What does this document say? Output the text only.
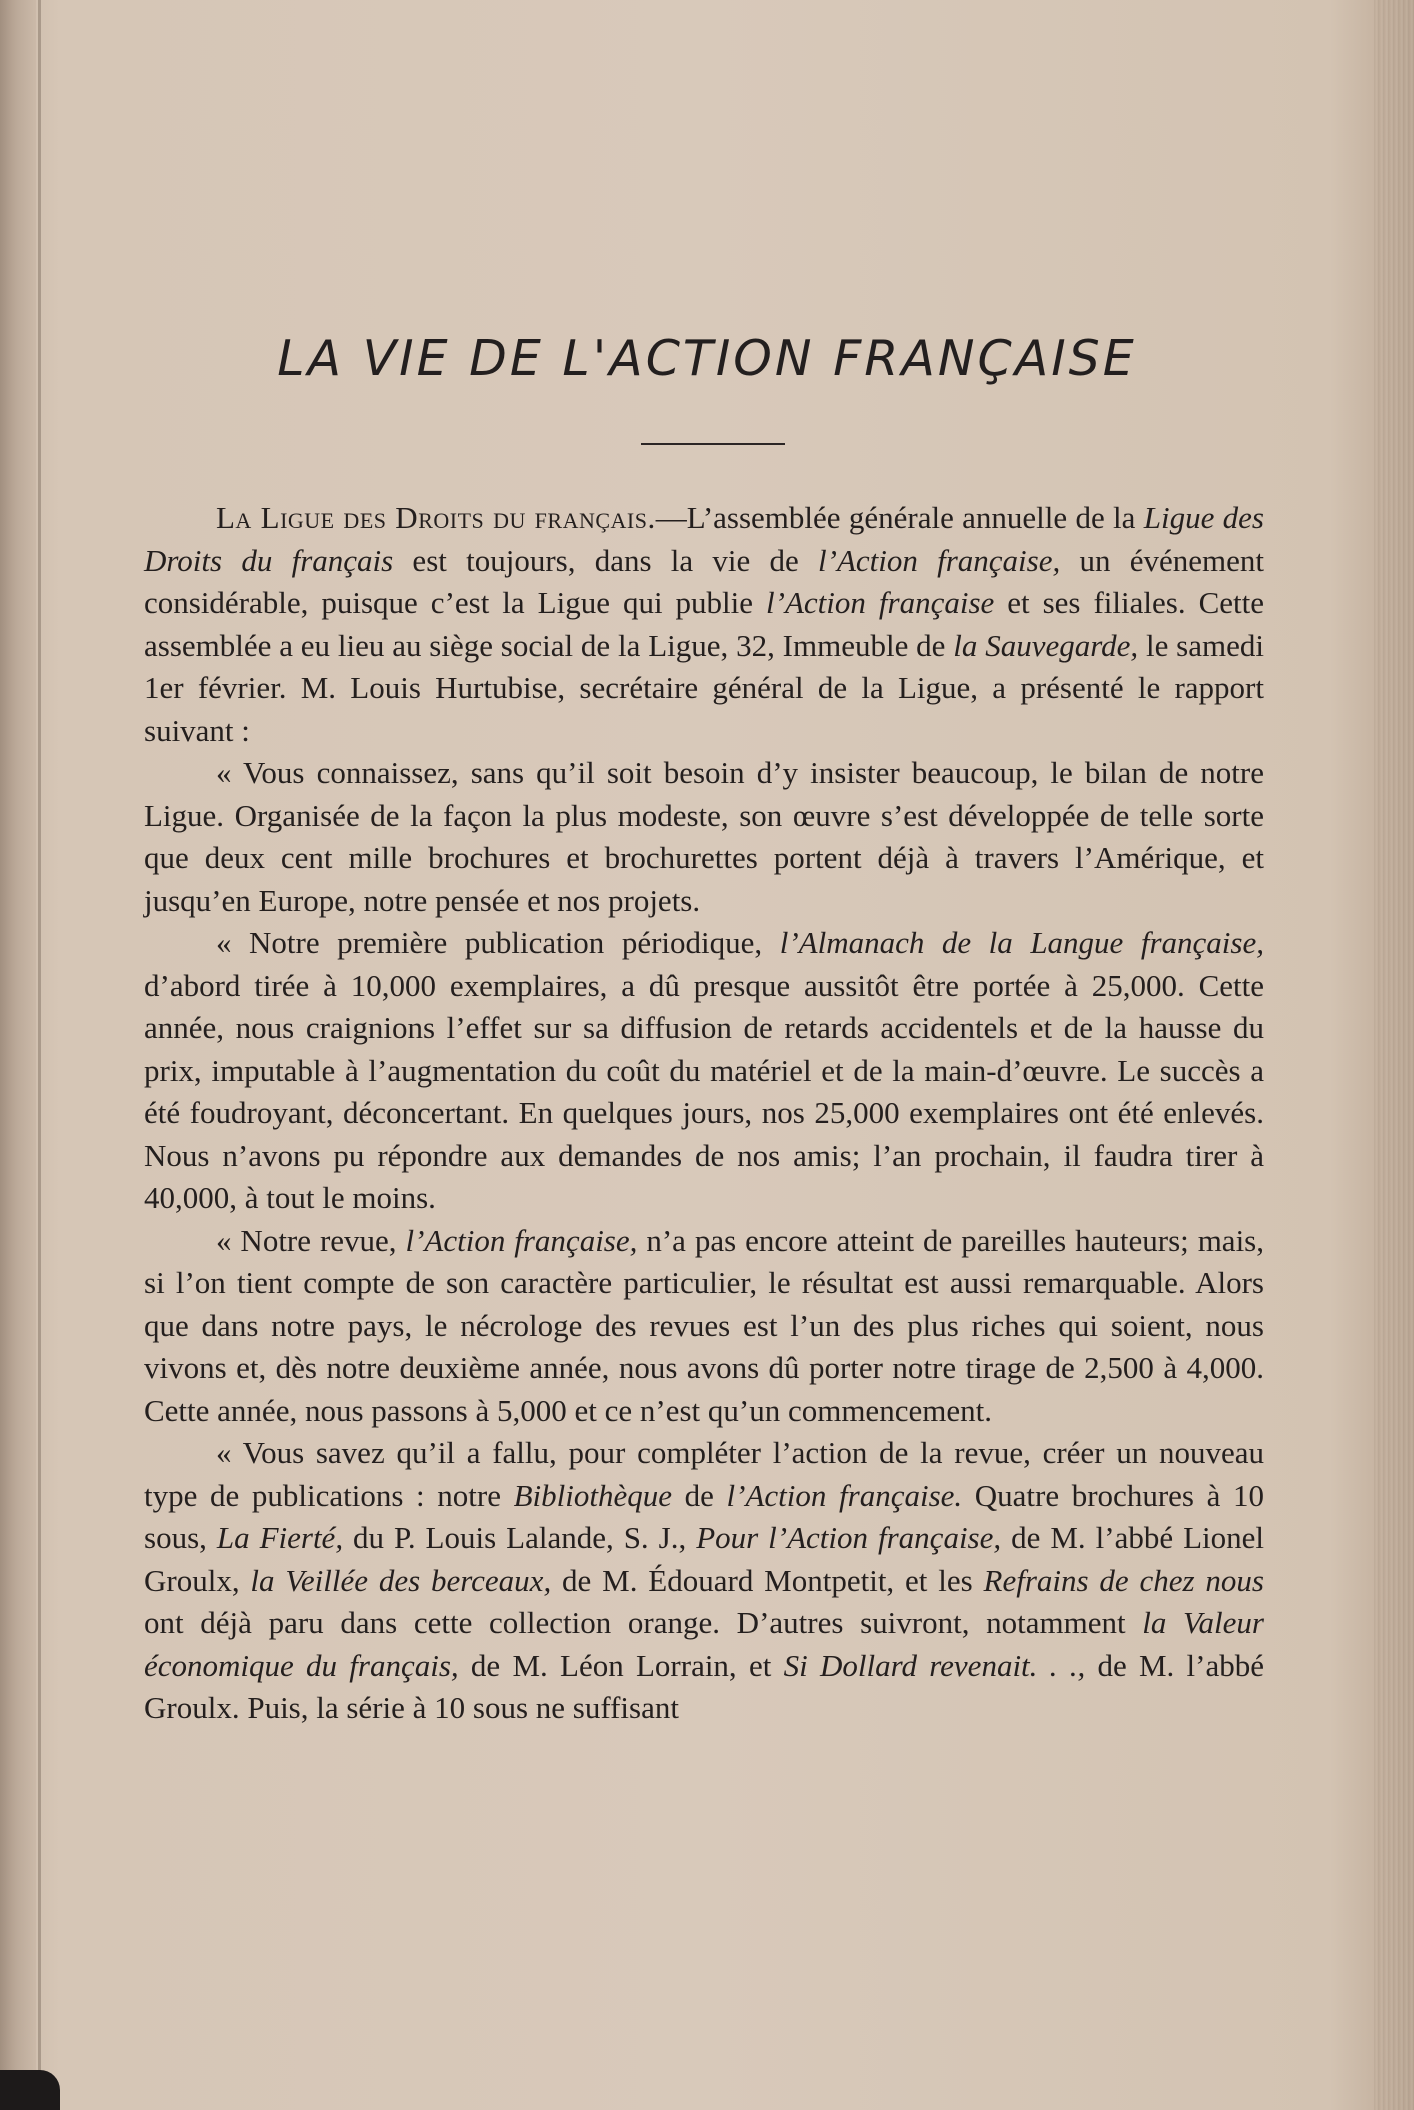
LA VIE DE L'ACTION FRANÇAISE

La Ligue des Droits du français.—L’assemblée générale annuelle de la Ligue des Droits du français est toujours, dans la vie de l’Action française, un événement considérable, puisque c’est la Ligue qui publie l’Action française et ses filiales. Cette assemblée a eu lieu au siège social de la Ligue, 32, Immeuble de la Sauvegarde, le samedi 1er février. M. Louis Hurtubise, secrétaire général de la Ligue, a présenté le rapport suivant :

« Vous connaissez, sans qu’il soit besoin d’y insister beaucoup, le bilan de notre Ligue. Organisée de la façon la plus modeste, son œuvre s’est développée de telle sorte que deux cent mille brochures et brochurettes portent déjà à travers l’Amérique, et jusqu’en Europe, notre pensée et nos projets.

« Notre première publication périodique, l’Almanach de la Langue française, d’abord tirée à 10,000 exemplaires, a dû presque aussitôt être portée à 25,000. Cette année, nous craignions l’effet sur sa diffusion de retards accidentels et de la hausse du prix, imputable à l’augmentation du coût du matériel et de la main-d’œuvre. Le succès a été foudroyant, déconcertant. En quelques jours, nos 25,000 exemplaires ont été enlevés. Nous n’avons pu répondre aux demandes de nos amis; l’an prochain, il faudra tirer à 40,000, à tout le moins.

« Notre revue, l’Action française, n’a pas encore atteint de pareilles hauteurs; mais, si l’on tient compte de son caractère particulier, le résultat est aussi remarquable. Alors que dans notre pays, le nécrologe des revues est l’un des plus riches qui soient, nous vivons et, dès notre deuxième année, nous avons dû porter notre tirage de 2,500 à 4,000. Cette année, nous passons à 5,000 et ce n’est qu’un commencement.

« Vous savez qu’il a fallu, pour compléter l’action de la revue, créer un nouveau type de publications : notre Bibliothèque de l’Action française. Quatre brochures à 10 sous, La Fierté, du P. Louis Lalande, S. J., Pour l’Action française, de M. l’abbé Lionel Groulx, la Veillée des berceaux, de M. Édouard Montpetit, et les Refrains de chez nous ont déjà paru dans cette collection orange. D’autres suivront, notamment la Valeur économique du français, de M. Léon Lorrain, et Si Dollard revenait. . ., de M. l’abbé Groulx. Puis, la série à 10 sous ne suffisant
